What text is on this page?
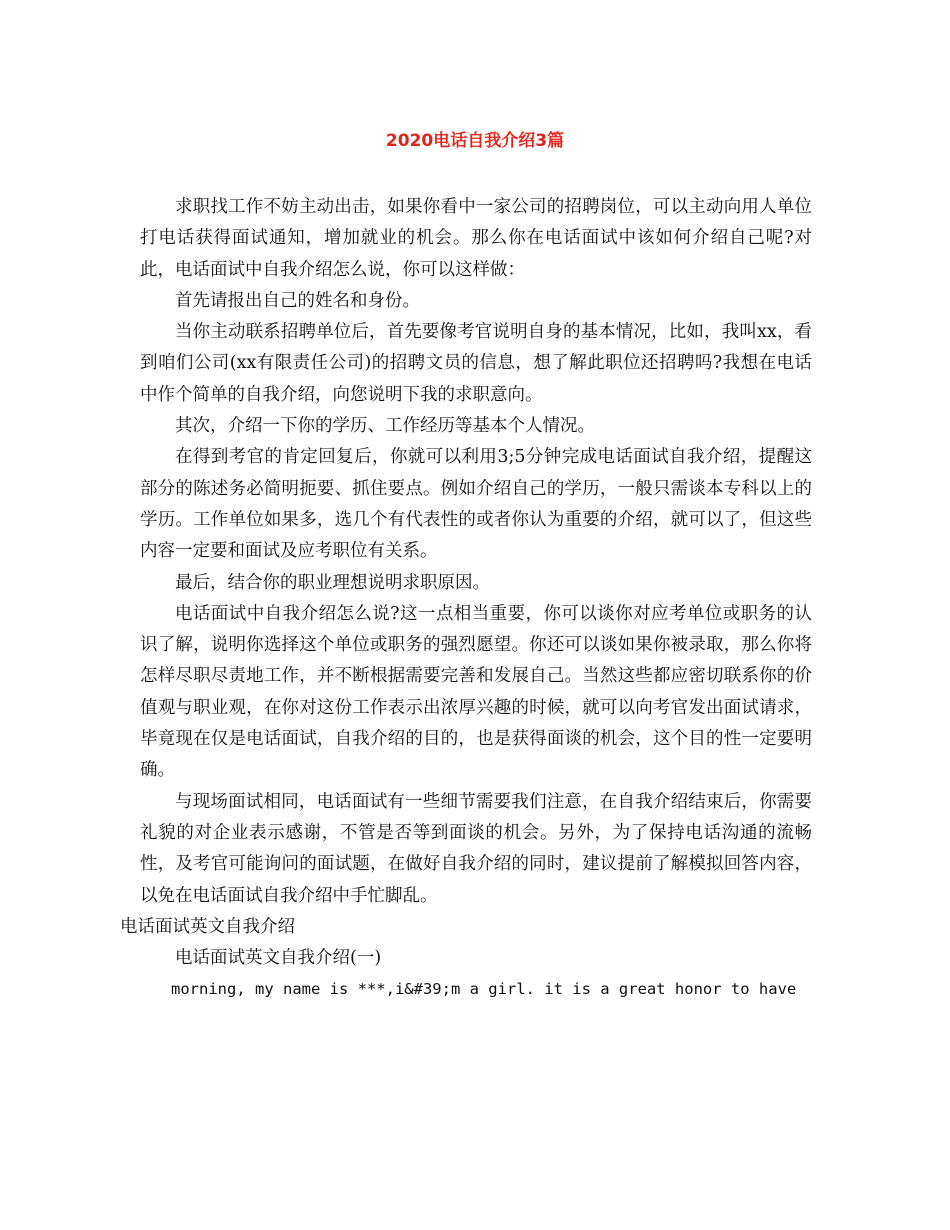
2020电话自我介绍3篇

求职找工作不妨主动出击，如果你看中一家公司的招聘岗位，可以主动向用人单位打电话获得面试通知，增加就业的机会。那么你在电话面试中该如何介绍自己呢?对此，电话面试中自我介绍怎么说，你可以这样做：

首先请报出自己的姓名和身份。

当你主动联系招聘单位后，首先要像考官说明自身的基本情况，比如，我叫xx，看到咱们公司(xx有限责任公司)的招聘文员的信息，想了解此职位还招聘吗?我想在电话中作个简单的自我介绍，向您说明下我的求职意向。

其次，介绍一下你的学历、工作经历等基本个人情况。

在得到考官的肯定回复后，你就可以利用3;5分钟完成电话面试自我介绍，提醒这部分的陈述务必简明扼要、抓住要点。例如介绍自己的学历，一般只需谈本专科以上的学历。工作单位如果多，选几个有代表性的或者你认为重要的介绍，就可以了，但这些内容一定要和面试及应考职位有关系。

最后，结合你的职业理想说明求职原因。

电话面试中自我介绍怎么说?这一点相当重要，你可以谈你对应考单位或职务的认识了解，说明你选择这个单位或职务的强烈愿望。你还可以谈如果你被录取，那么你将怎样尽职尽责地工作，并不断根据需要完善和发展自己。当然这些都应密切联系你的价值观与职业观，在你对这份工作表示出浓厚兴趣的时候，就可以向考官发出面试请求，毕竟现在仅是电话面试，自我介绍的目的，也是获得面谈的机会，这个目的性一定要明确。

与现场面试相同，电话面试有一些细节需要我们注意，在自我介绍结束后，你需要礼貌的对企业表示感谢，不管是否等到面谈的机会。另外，为了保持电话沟通的流畅性，及考官可能询问的面试题，在做好自我介绍的同时，建议提前了解模拟回答内容，以免在电话面试自我介绍中手忙脚乱。

电话面试英文自我介绍

电话面试英文自我介绍(一)

morning, my name is ***,i&#39;m a girl. it is a great honor to have
